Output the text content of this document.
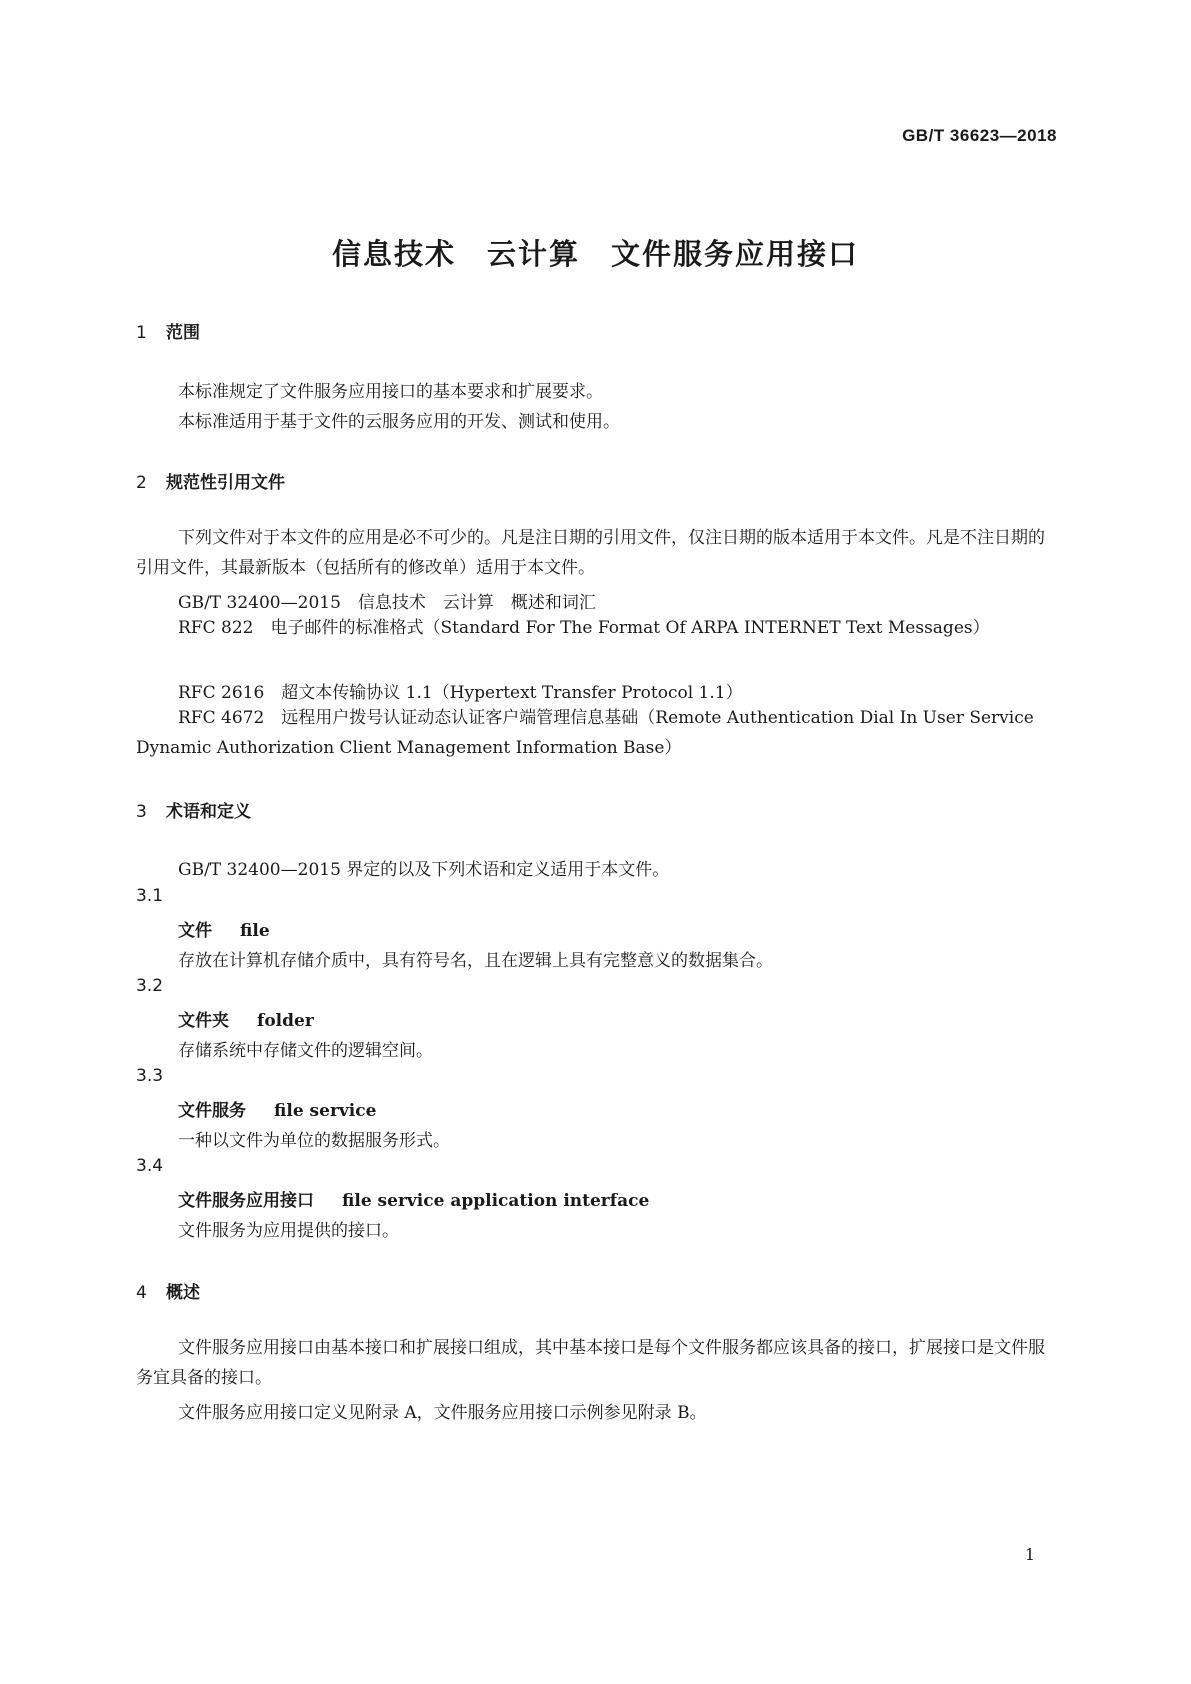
GB/T 36623—2018
信息技术　云计算　文件服务应用接口
1 范围
本标准规定了文件服务应用接口的基本要求和扩展要求。
本标准适用于基于文件的云服务应用的开发、测试和使用。
2 规范性引用文件
下列文件对于本文件的应用是必不可少的。凡是注日期的引用文件，仅注日期的版本适用于本文件。凡是不注日期的引用文件，其最新版本（包括所有的修改单）适用于本文件。
GB/T 32400—2015　信息技术　云计算　概述和词汇
RFC 822　电子邮件的标准格式（Standard For The Format Of ARPA INTERNET Text Messages）
RFC 2616　超文本传输协议 1.1（Hypertext Transfer Protocol 1.1）
RFC 4672　远程用户拨号认证动态认证客户端管理信息基础（Remote Authentication Dial In User Service Dynamic Authorization Client Management Information Base）
3 术语和定义
GB/T 32400—2015 界定的以及下列术语和定义适用于本文件。
3.1
文件 file
存放在计算机存储介质中，具有符号名，且在逻辑上具有完整意义的数据集合。
3.2
文件夹 folder
存储系统中存储文件的逻辑空间。
3.3
文件服务 file service
一种以文件为单位的数据服务形式。
3.4
文件服务应用接口 file service application interface
文件服务为应用提供的接口。
4 概述
文件服务应用接口由基本接口和扩展接口组成，其中基本接口是每个文件服务都应该具备的接口，扩展接口是文件服务宜具备的接口。
文件服务应用接口定义见附录 A，文件服务应用接口示例参见附录 B。
1
